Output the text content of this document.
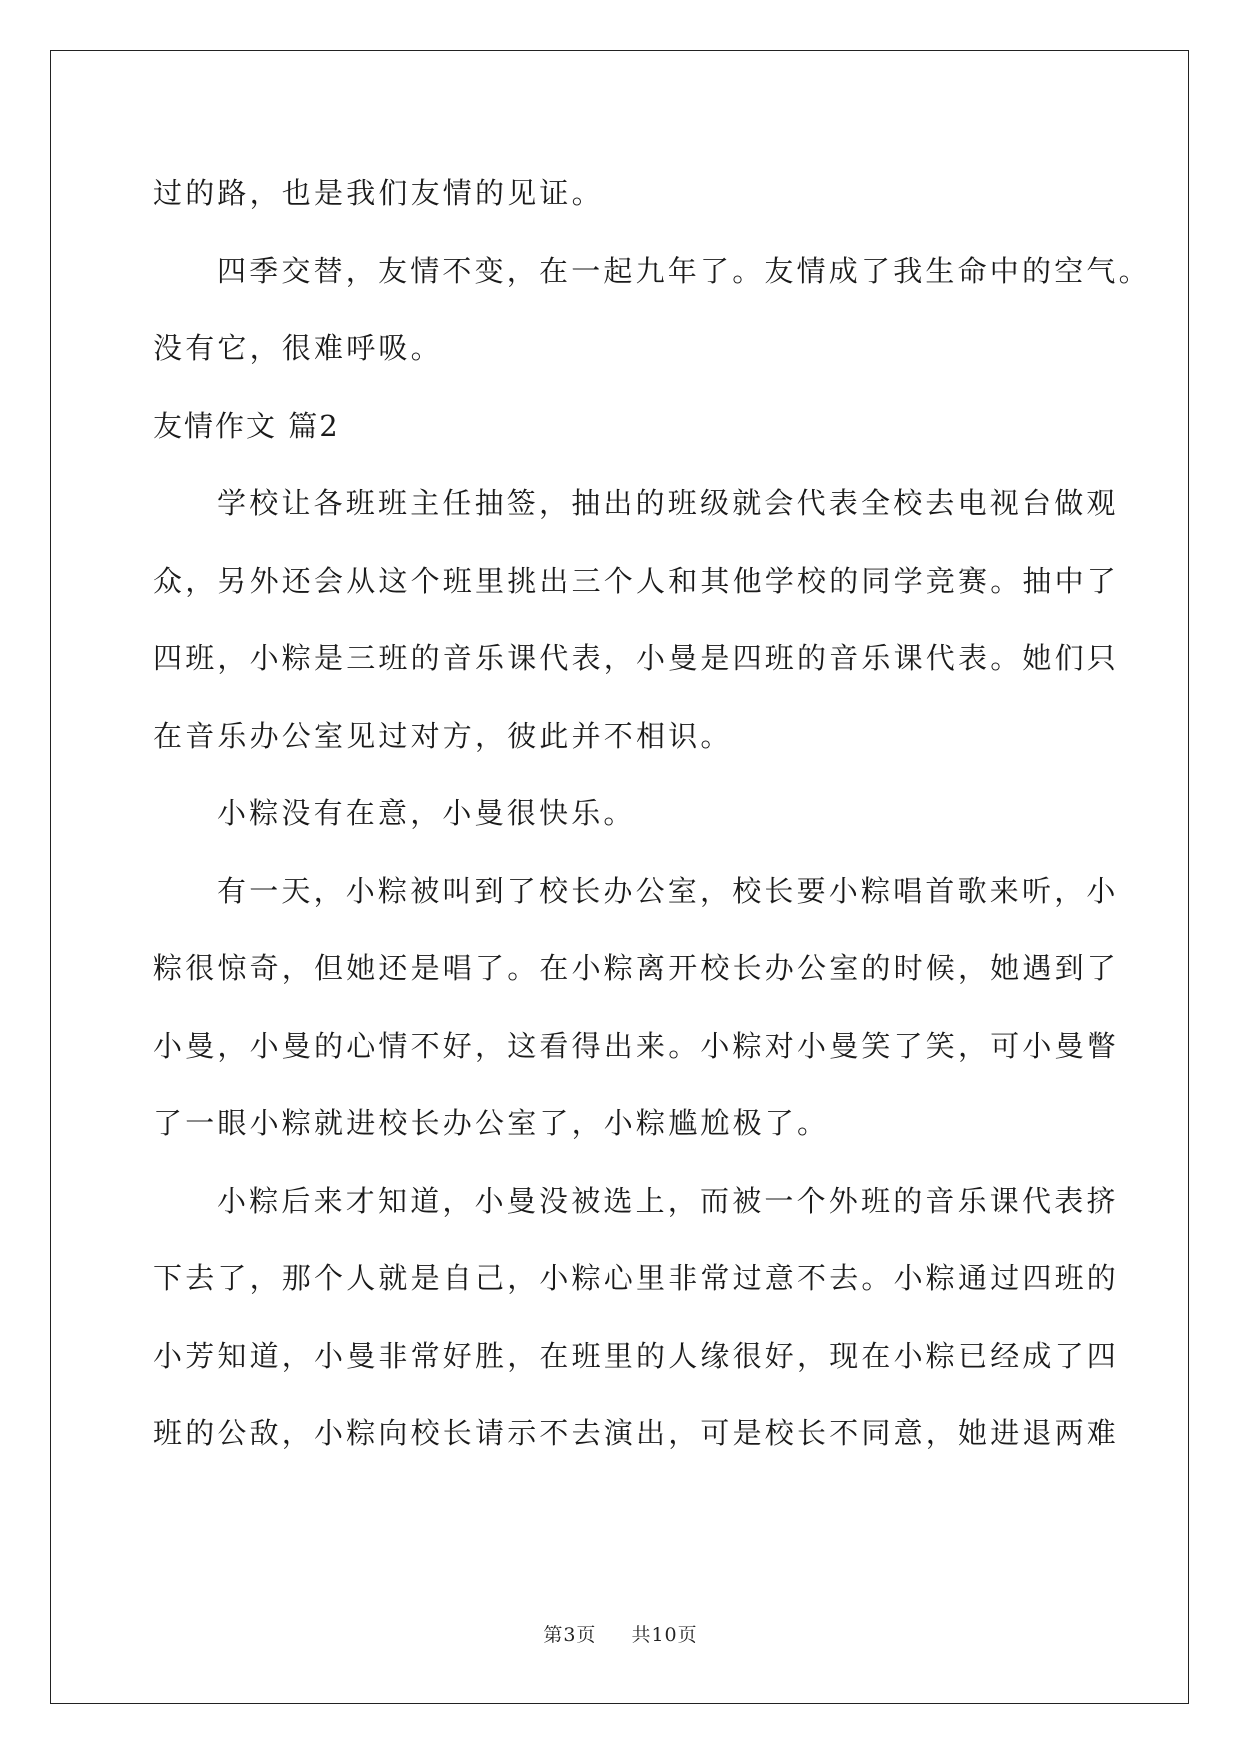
过的路，也是我们友情的见证。
四季交替，友情不变，在一起九年了。友情成了我生命中的空气。
没有它，很难呼吸。
友情作文 篇2
学校让各班班主任抽签，抽出的班级就会代表全校去电视台做观
众，另外还会从这个班里挑出三个人和其他学校的同学竞赛。抽中了
四班，小粽是三班的音乐课代表，小曼是四班的音乐课代表。她们只
在音乐办公室见过对方，彼此并不相识。
小粽没有在意，小曼很快乐。
有一天，小粽被叫到了校长办公室，校长要小粽唱首歌来听，小
粽很惊奇，但她还是唱了。在小粽离开校长办公室的时候，她遇到了
小曼，小曼的心情不好，这看得出来。小粽对小曼笑了笑，可小曼瞥
了一眼小粽就进校长办公室了，小粽尴尬极了。
小粽后来才知道，小曼没被选上，而被一个外班的音乐课代表挤
下去了，那个人就是自己，小粽心里非常过意不去。小粽通过四班的
小芳知道，小曼非常好胜，在班里的人缘很好，现在小粽已经成了四
班的公敌，小粽向校长请示不去演出，可是校长不同意，她进退两难
第3页 共10页
